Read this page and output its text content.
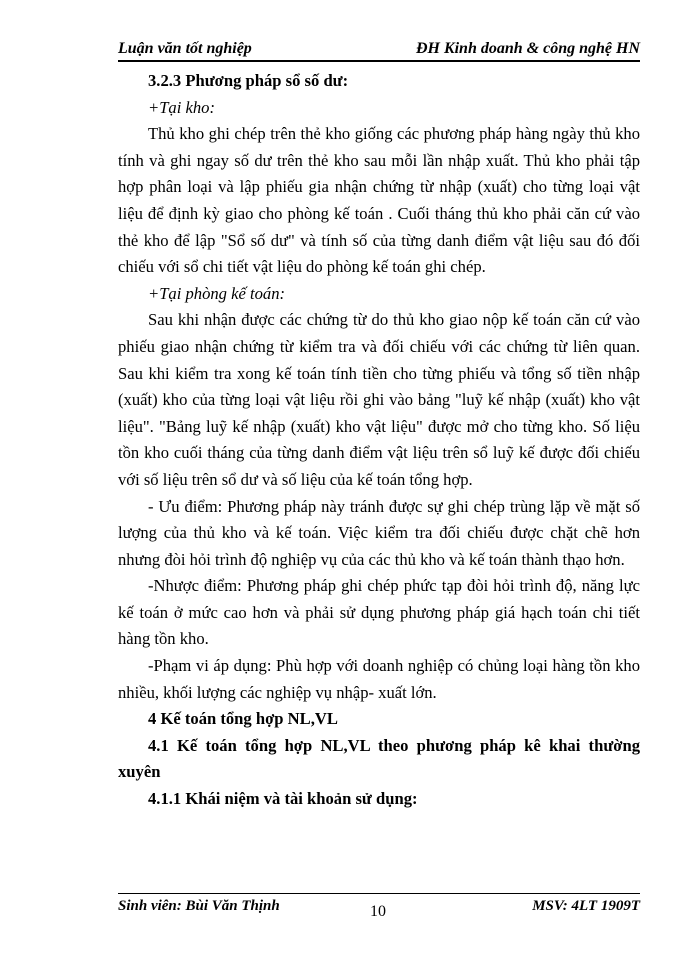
Luận văn tốt nghiệp	ĐH Kinh doanh & công nghệ HN

3.2.3 Phương pháp sổ số dư:

+Tại kho:

Thủ kho ghi chép trên thẻ kho giống các phương pháp hàng ngày thủ kho tính và ghi ngay số dư trên thẻ kho sau mỗi lần nhập xuất. Thủ kho phải tập hợp phân loại và lập phiếu gia nhận chứng từ nhập (xuất) cho từng loại vật liệu để định kỳ giao cho phòng kế toán . Cuối tháng thủ kho phải căn cứ vào thẻ kho để lập "Sổ số dư" và tính số của từng danh điểm vật liệu sau đó đối chiếu với sổ chi tiết vật liệu do phòng kế toán ghi chép.

+Tại phòng kế toán:

Sau khi nhận được các chứng từ do thủ kho giao nộp kế toán căn cứ vào phiếu giao nhận chứng từ kiểm tra và đối chiếu với các chứng từ liên quan. Sau khi kiểm tra xong kế toán tính tiền cho từng phiếu và tổng số tiền nhập (xuất) kho của từng loại vật liệu rồi ghi vào bảng "luỹ kế nhập (xuất) kho vật liệu". "Bảng luỹ kế nhập (xuất) kho vật liệu" được mở cho từng kho. Số liệu tồn kho cuối tháng của từng danh điểm vật liệu trên sổ luỹ kế được đối chiếu với số liệu trên sổ dư và số liệu của kế toán tổng hợp.

- Ưu điểm: Phương pháp này tránh được sự ghi chép trùng lặp về mặt số lượng của thủ kho và kế toán. Việc kiểm tra đối chiếu được chặt chẽ hơn nhưng đòi hỏi trình độ nghiệp vụ của các thủ kho và kế toán thành thạo hơn.

-Nhược điểm: Phương pháp ghi chép phức tạp đòi hỏi trình độ, năng lực kế toán ở mức cao hơn và phải sử dụng phương pháp giá hạch toán chi tiết hàng tồn kho.

-Phạm vi áp dụng: Phù hợp với doanh nghiệp có chủng loại hàng tồn kho nhiều, khối lượng các nghiệp vụ nhập- xuất lớn.

4 Kế toán tổng hợp NL,VL

4.1 Kế toán tổng hợp NL,VL theo phương pháp kê khai thường xuyên

4.1.1 Khái niệm và tài khoản sử dụng:

Sinh viên: Bùi Văn Thịnh	10	MSV: 4LT 1909T
